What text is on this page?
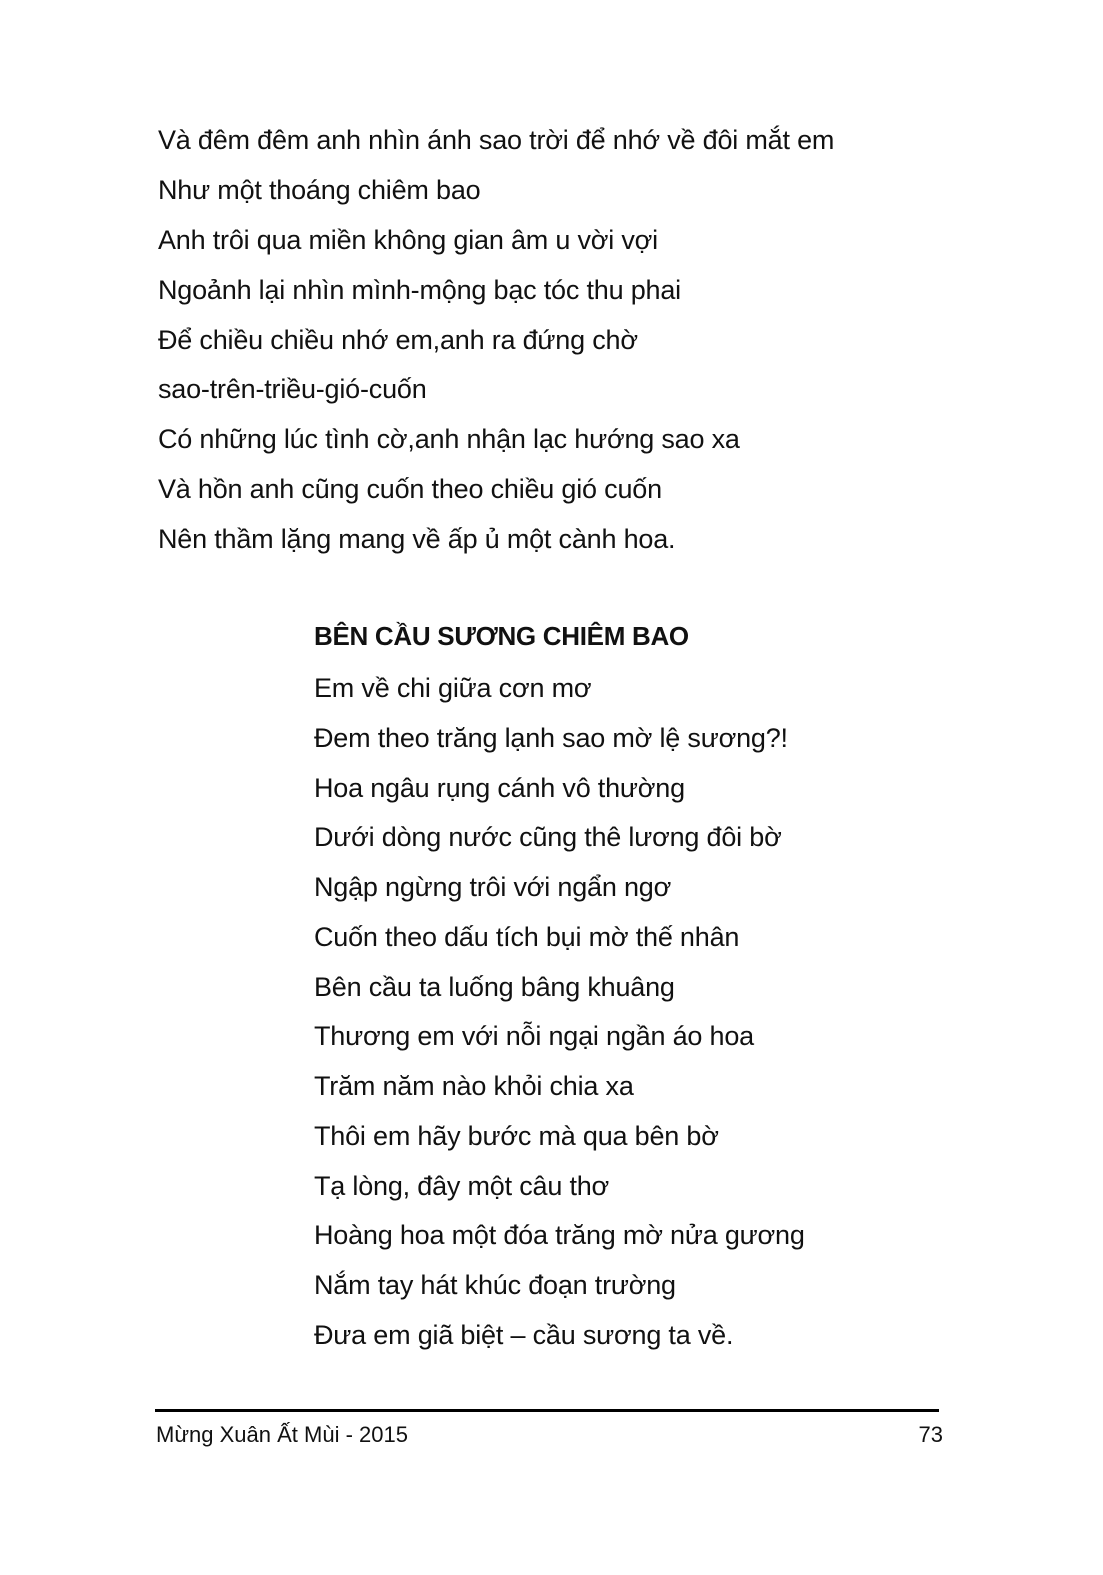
Và đêm đêm anh nhìn ánh sao trời để nhớ về đôi mắt em
Như một thoáng chiêm bao
Anh trôi qua miền không gian âm u vời vợi
Ngoảnh lại nhìn mình-mộng bạc tóc thu phai
Để chiều chiều nhớ em,anh ra đứng chờ
sao-trên-triều-gió-cuốn
Có những lúc tình cờ,anh nhận lạc hướng sao xa
Và hồn anh cũng cuốn theo chiều gió cuốn
Nên thầm lặng mang về ấp ủ một cành hoa.
BÊN CẦU SƯƠNG CHIÊM BAO
Em về chi giữa cơn mơ
Đem theo trăng lạnh sao mờ lệ sương?!
Hoa ngâu rụng cánh vô thường
Dưới dòng nước cũng thê lương đôi bờ
Ngập ngừng trôi với ngẩn ngơ
Cuốn theo dấu tích bụi mờ thế nhân
Bên cầu ta luống bâng khuâng
Thương em với nỗi ngại ngần áo hoa
Trăm năm nào khỏi chia xa
Thôi em hãy bước mà qua bên bờ
Tạ lòng, đây một câu thơ
Hoàng hoa một đóa trăng mờ nửa gương
Nắm tay hát khúc đoạn trường
Đưa em giã biệt – cầu sương ta về.
Mừng Xuân Ất Mùi - 2015	73
